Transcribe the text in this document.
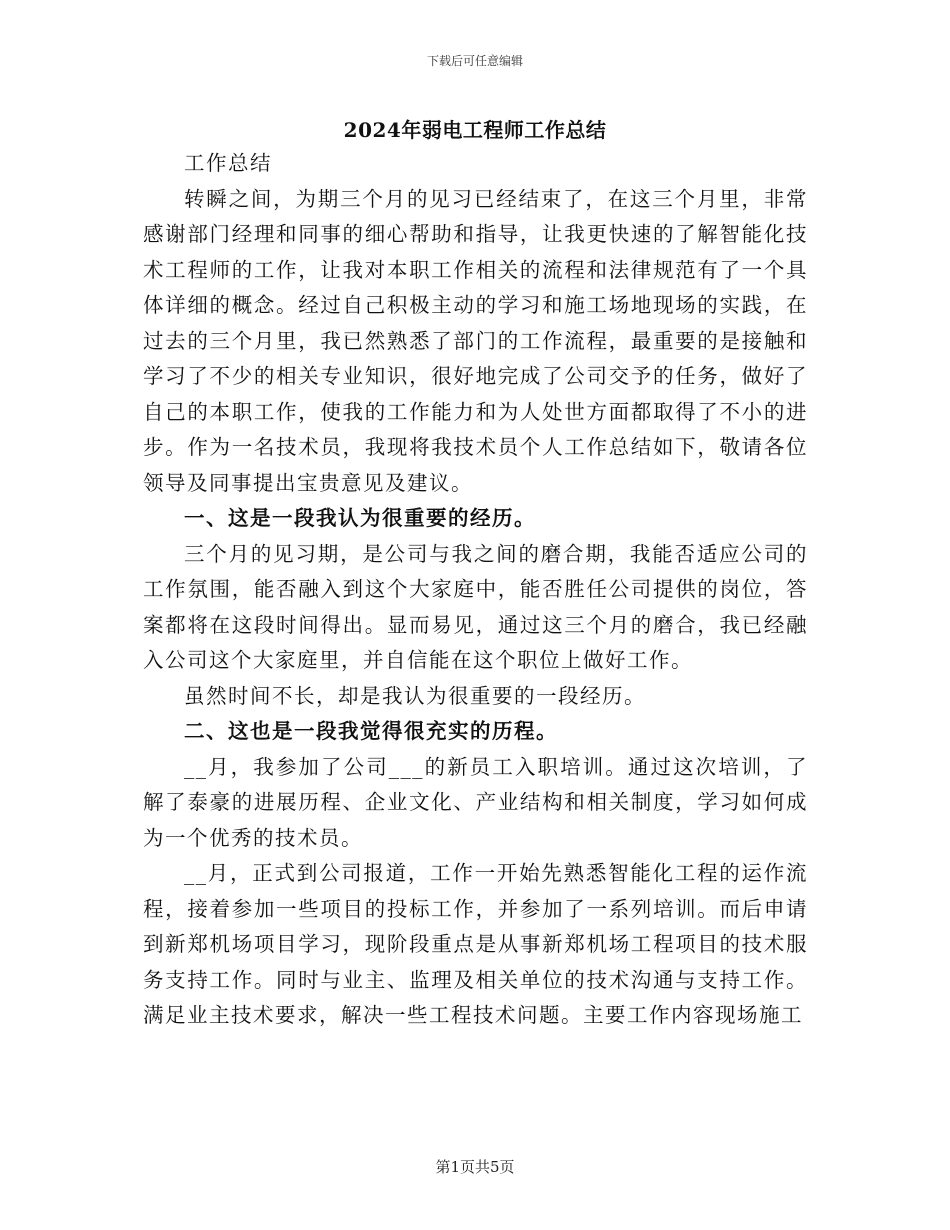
下载后可任意编辑
2024年弱电工程师工作总结

工作总结

转瞬之间，为期三个月的见习已经结束了，在这三个月里，非常感谢部门经理和同事的细心帮助和指导，让我更快速的了解智能化技术工程师的工作，让我对本职工作相关的流程和法律规范有了一个具体详细的概念。经过自己积极主动的学习和施工场地现场的实践，在过去的三个月里，我已然熟悉了部门的工作流程，最重要的是接触和学习了不少的相关专业知识，很好地完成了公司交予的任务，做好了自己的本职工作，使我的工作能力和为人处世方面都取得了不小的进步。作为一名技术员，我现将我技术员个人工作总结如下，敬请各位领导及同事提出宝贵意见及建议。

一、这是一段我认为很重要的经历。

三个月的见习期，是公司与我之间的磨合期，我能否适应公司的工作氛围，能否融入到这个大家庭中，能否胜任公司提供的岗位，答案都将在这段时间得出。显而易见，通过这三个月的磨合，我已经融入公司这个大家庭里，并自信能在这个职位上做好工作。

虽然时间不长，却是我认为很重要的一段经历。

二、这也是一段我觉得很充实的历程。

__月，我参加了公司___的新员工入职培训。通过这次培训，了解了泰豪的进展历程、企业文化、产业结构和相关制度，学习如何成为一个优秀的技术员。

__月，正式到公司报道，工作一开始先熟悉智能化工程的运作流程，接着参加一些项目的投标工作，并参加了一系列培训。而后申请到新郑机场项目学习，现阶段重点是从事新郑机场工程项目的技术服务支持工作。同时与业主、监理及相关单位的技术沟通与支持工作。满足业主技术要求，解决一些工程技术问题。主要工作内容现场施工

第1页共5页
